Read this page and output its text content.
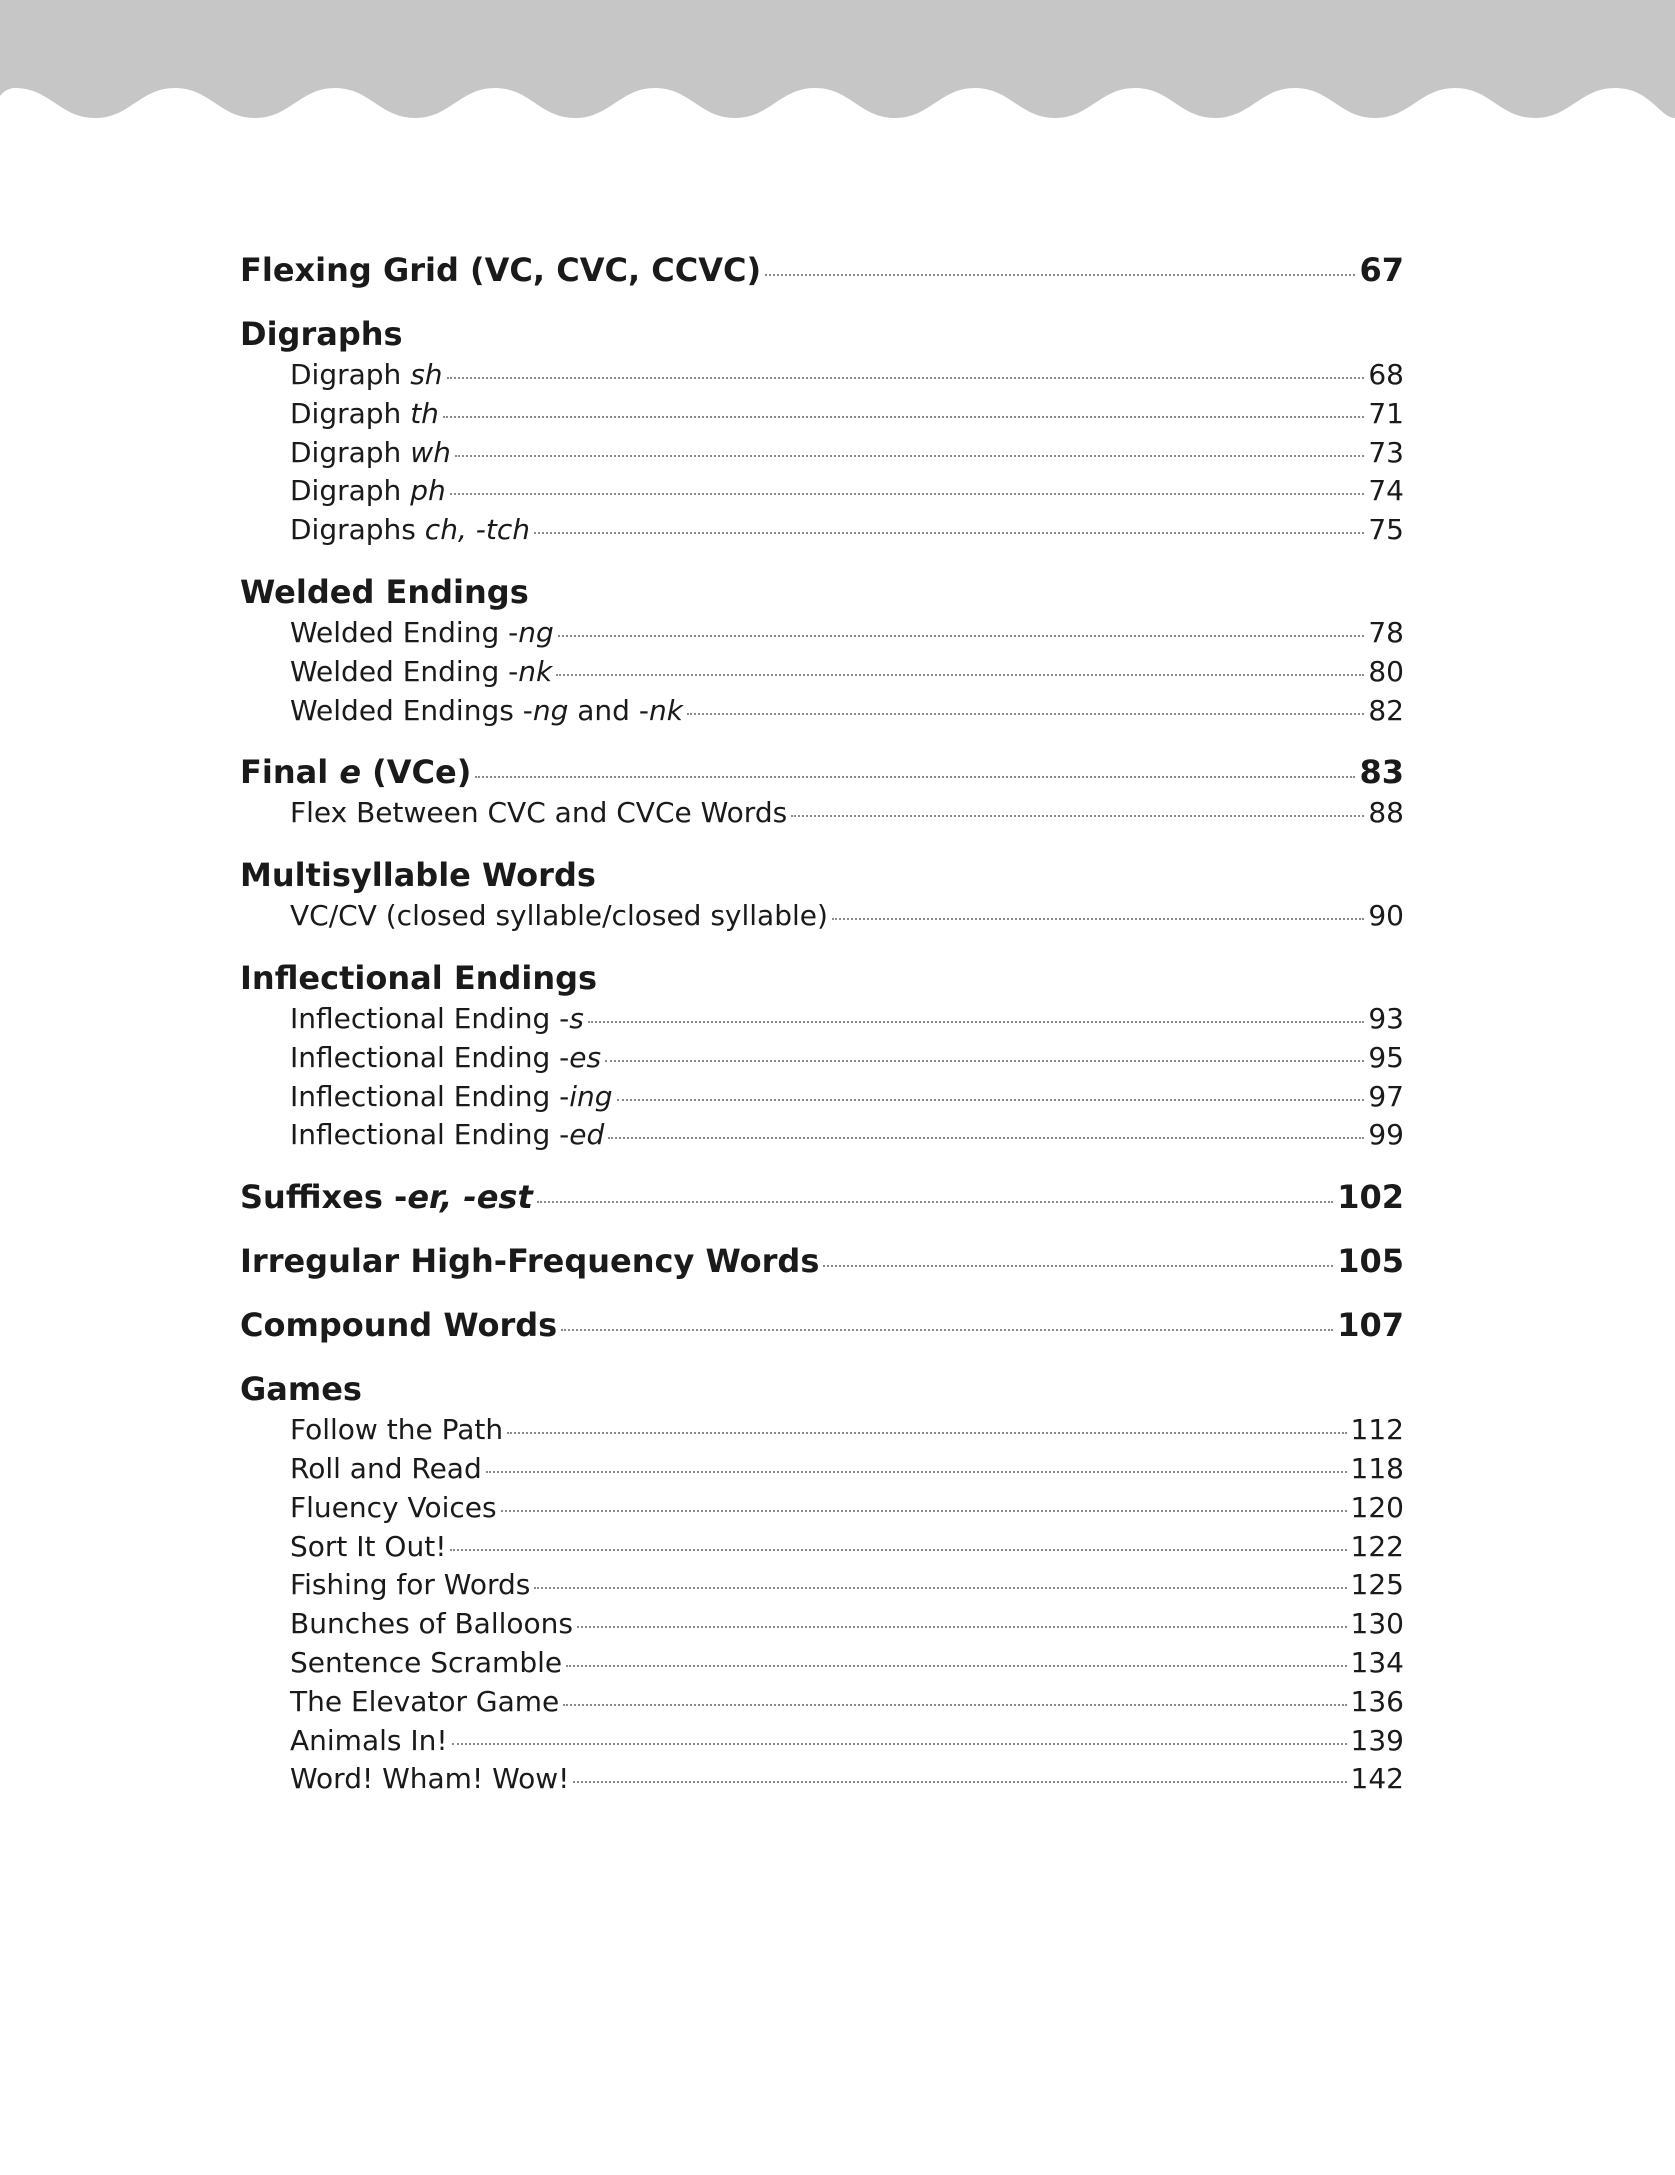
Flexing Grid (VC, CVC, CCVC)	67
Digraphs
Digraph sh	68
Digraph th	71
Digraph wh	73
Digraph ph	74
Digraphs ch, -tch	75
Welded Endings
Welded Ending -ng	78
Welded Ending -nk	80
Welded Endings -ng and -nk	82
Final e (VCe)	83
Flex Between CVC and CVCe Words	88
Multisyllable Words
VC/CV (closed syllable/closed syllable)	90
Inflectional Endings
Inflectional Ending -s	93
Inflectional Ending -es	95
Inflectional Ending -ing	97
Inflectional Ending -ed	99
Suffixes -er, -est	102
Irregular High-Frequency Words	105
Compound Words	107
Games
Follow the Path	112
Roll and Read	118
Fluency Voices	120
Sort It Out!	122
Fishing for Words	125
Bunches of Balloons	130
Sentence Scramble	134
The Elevator Game	136
Animals In!	139
Word! Wham! Wow!	142
